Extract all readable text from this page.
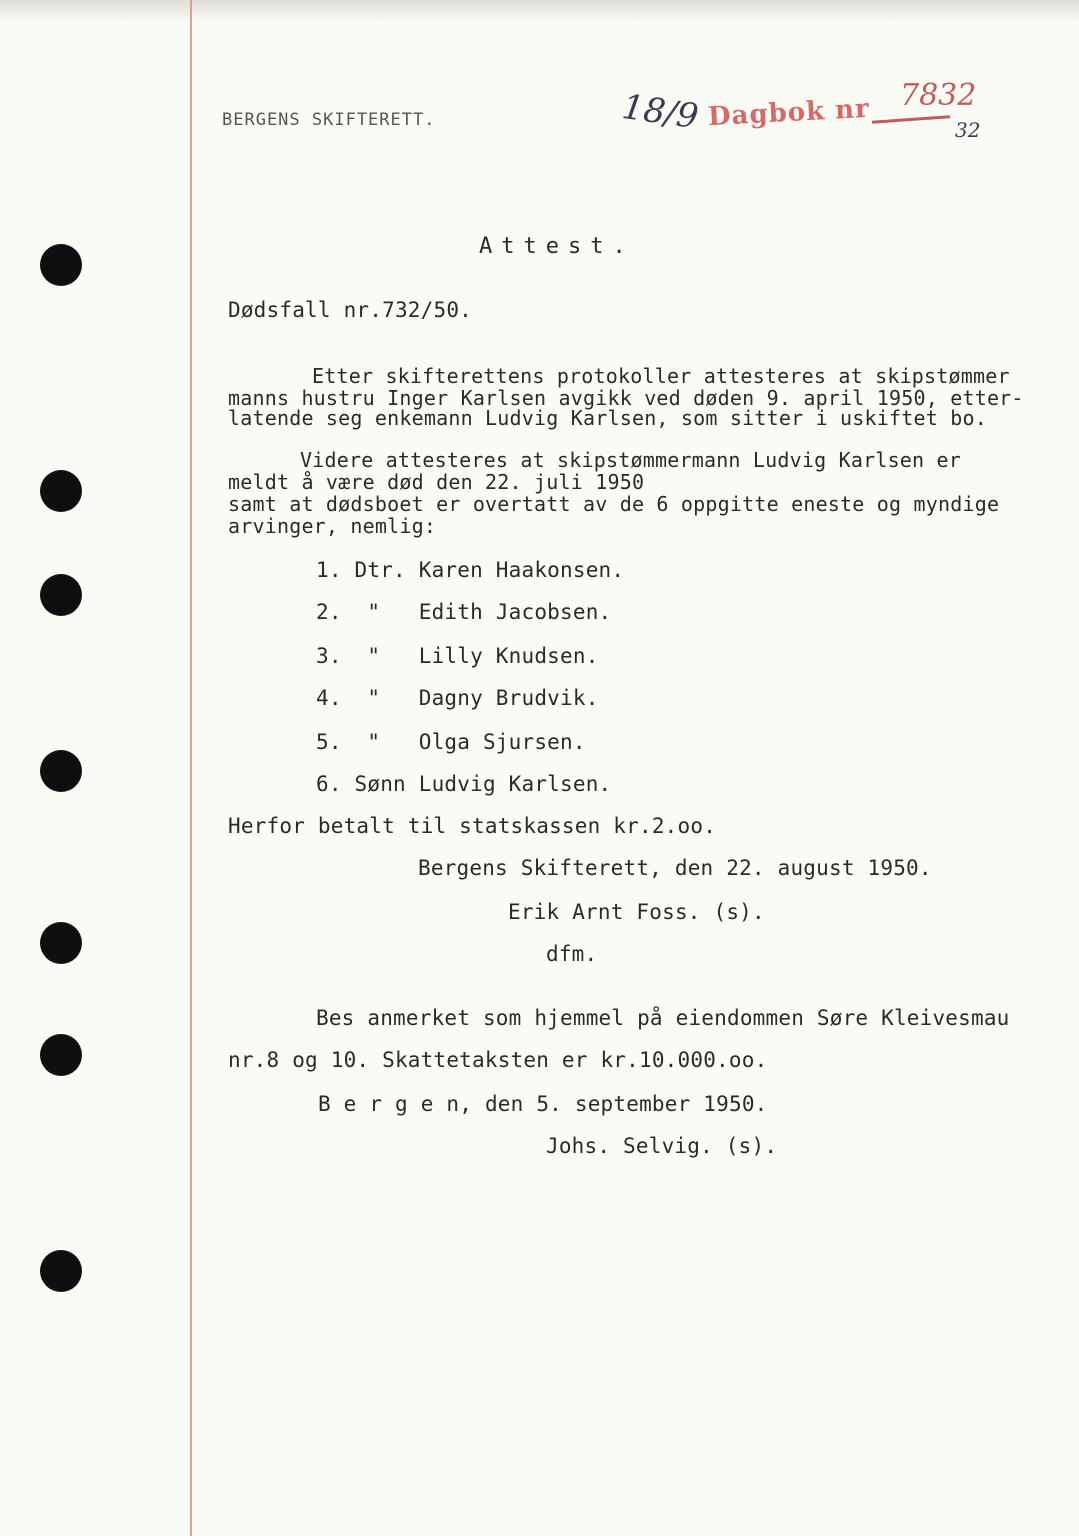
BERGENS SKIFTERETT.	18/9 Dagbok nr 7832
32
Attest.
Dødsfall nr.732/50.
Etter skifterettens protokoller attesteres at skipstømmer
manns hustru Inger Karlsen avgikk ved døden 9. april 1950, etter-
latende seg enkemann Ludvig Karlsen, som sitter i uskiftet bo.
Videre attesteres at skipstømmermann Ludvig Karlsen er
meldt å være død den 22. juli 1950
samt at dødsboet er overtatt av de 6 oppgitte eneste og myndige
arvinger, nemlig:
1. Dtr. Karen Haakonsen.
2.  "   Edith Jacobsen.
3.  "   Lilly Knudsen.
4.  "   Dagny Brudvik.
5.  "   Olga Sjursen.
6. Sønn Ludvig Karlsen.
Herfor betalt til statskassen kr.2.oo.
Bergens Skifterett, den 22. august 1950.
Erik Arnt Foss. (s).
dfm.
Bes anmerket som hjemmel på eiendommen Søre Kleivesmau
nr.8 og 10. Skattetaksten er kr.10.000.oo.
B e r g e n, den 5. september 1950.
Johs. Selvig. (s).
